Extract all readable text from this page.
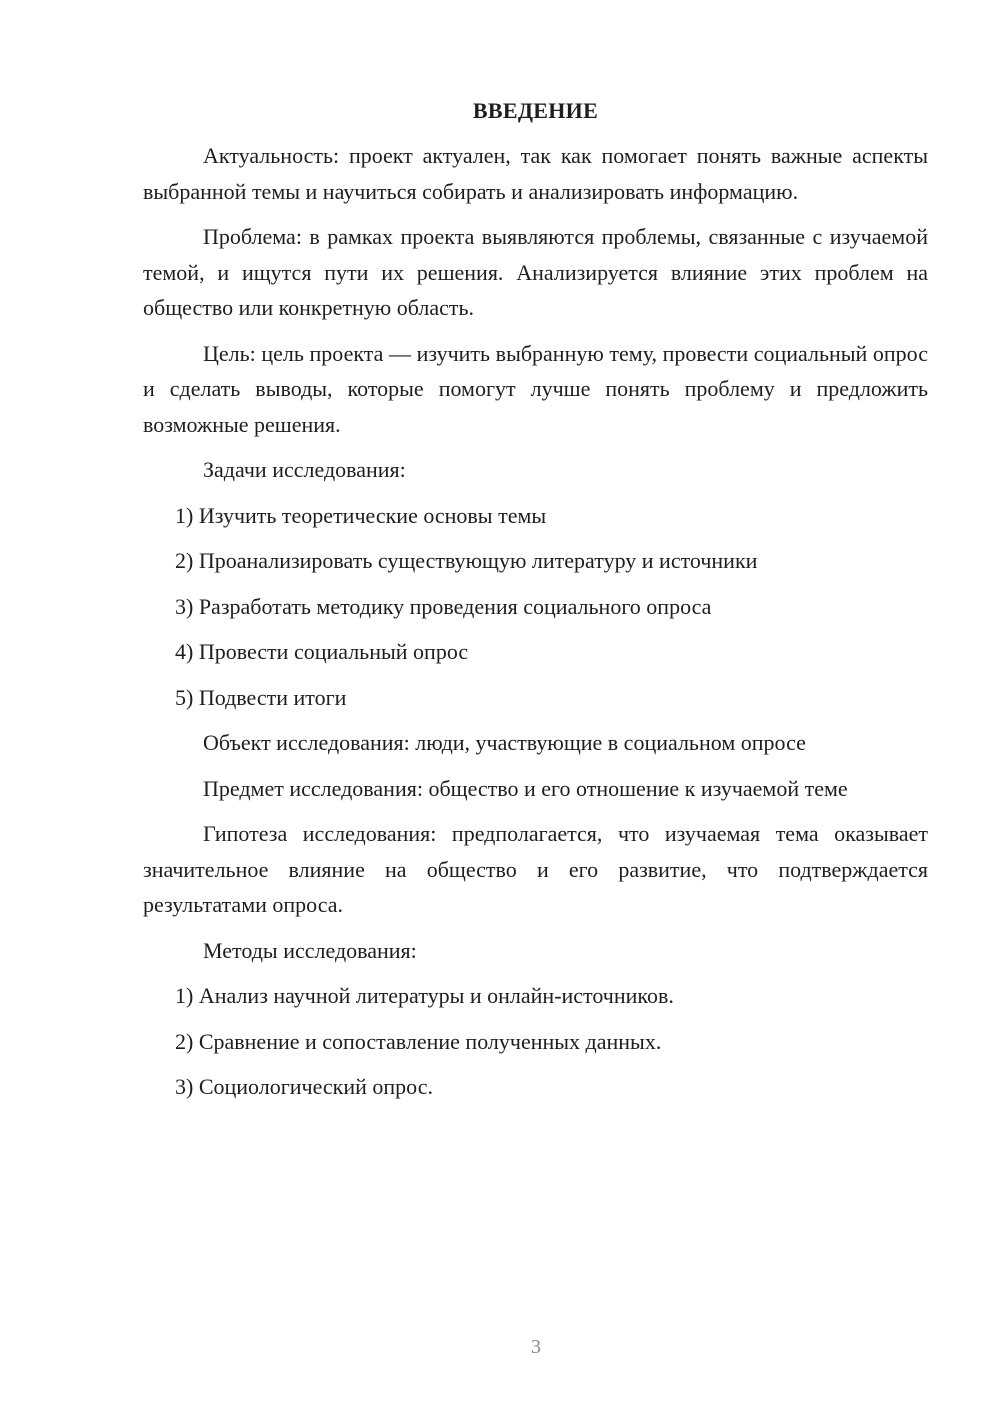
ВВЕДЕНИЕ

Актуальность: проект актуален, так как помогает понять важные аспекты выбранной темы и научиться собирать и анализировать информацию.

Проблема: в рамках проекта выявляются проблемы, связанные с изучаемой темой, и ищутся пути их решения. Анализируется влияние этих проблем на общество или конкретную область.

Цель: цель проекта — изучить выбранную тему, провести социальный опрос и сделать выводы, которые помогут лучше понять проблему и предложить возможные решения.

Задачи исследования:
1) Изучить теоретические основы темы
2) Проанализировать существующую литературу и источники
3) Разработать методику проведения социального опроса
4) Провести социальный опрос
5) Подвести итоги
Объект исследования: люди, участвующие в социальном опросе
Предмет исследования: общество и его отношение к изучаемой теме

Гипотеза исследования: предполагается, что изучаемая тема оказывает значительное влияние на общество и его развитие, что подтверждается результатами опроса.

Методы исследования:
1) Анализ научной литературы и онлайн-источников.
2) Сравнение и сопоставление полученных данных.
3) Социологический опрос.
3
